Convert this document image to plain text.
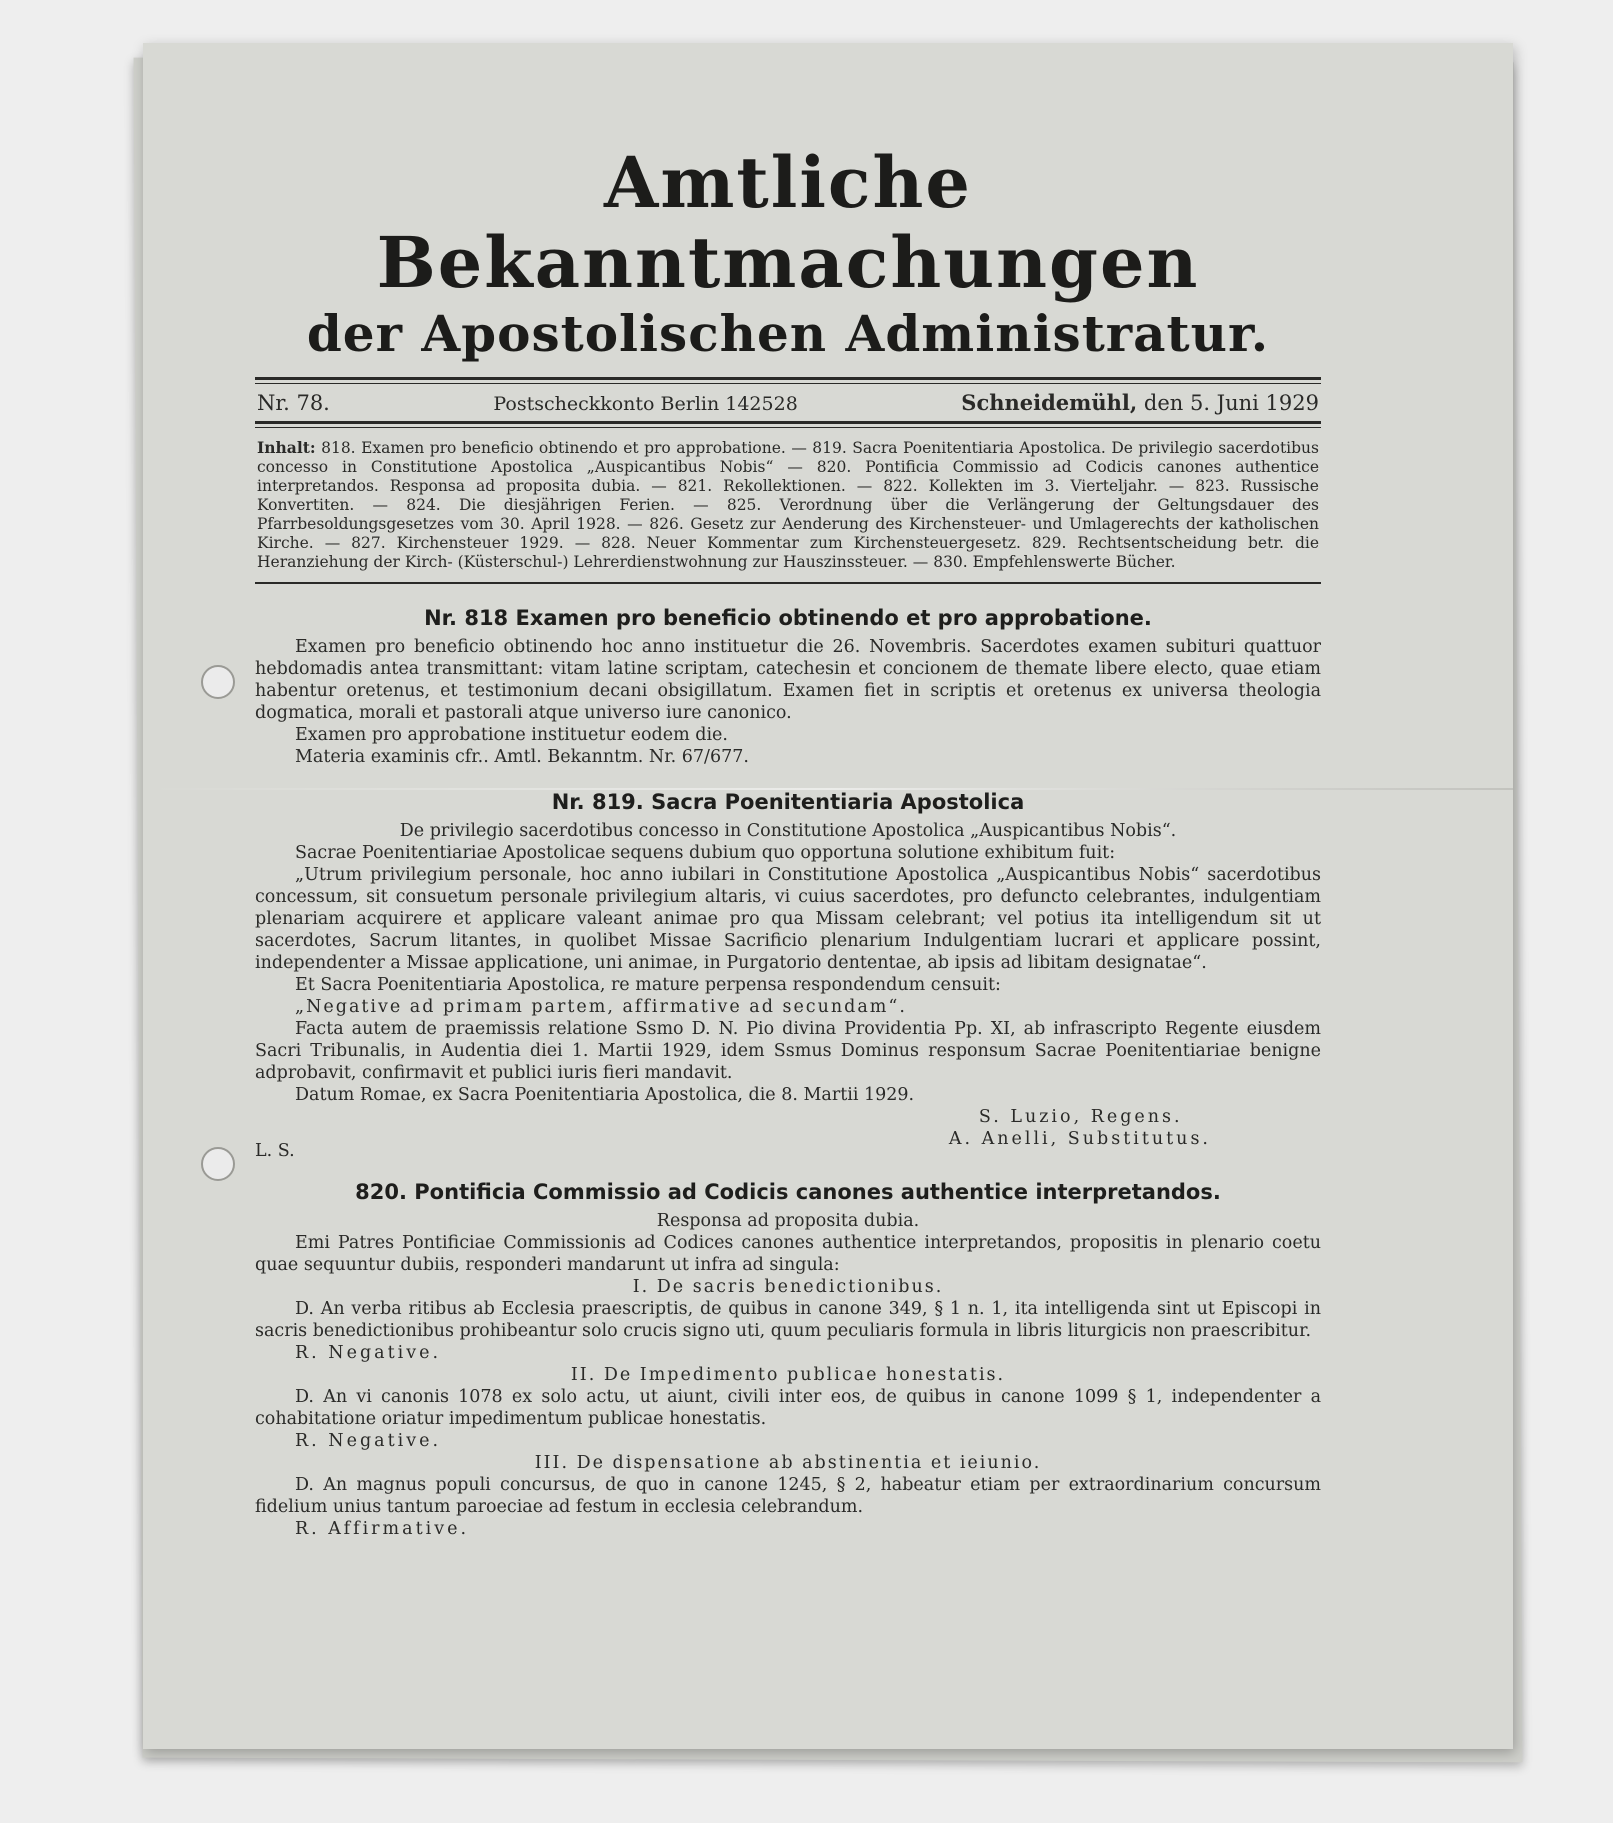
Amtliche Bekanntmachungen
der Apostolischen Administratur.
Nr. 78.	Postscheckkonto Berlin 142528	Schneidemühl, den 5. Juni 1929
Inhalt: 818. Examen pro beneficio obtinendo et pro approbatione. — 819. Sacra Poenitentiaria Apostolica. De privilegio sacerdotibus concesso in Constitutione Apostolica „Auspicantibus Nobis“ — 820. Pontificia Commissio ad Codicis canones authentice interpretandos. Responsa ad proposita dubia. — 821. Rekollektionen. — 822. Kollekten im 3. Vierteljahr. — 823. Russische Konvertiten. — 824. Die diesjährigen Ferien. — 825. Verordnung über die Verlängerung der Geltungsdauer des Pfarrbesoldungsgesetzes vom 30. April 1928. — 826. Gesetz zur Aenderung des Kirchensteuer- und Umlagerechts der katholischen Kirche. — 827. Kirchensteuer 1929. — 828. Neuer Kommentar zum Kirchensteuergesetz. 829. Rechtsentscheidung betr. die Heranziehung der Kirch- (Küsterschul-) Lehrerdienstwohnung zur Hauszinssteuer. — 830. Empfehlenswerte Bücher.
Nr. 818 Examen pro beneficio obtinendo et pro approbatione.

Examen pro beneficio obtinendo hoc anno instituetur die 26. Novembris. Sacerdotes examen subituri quattuor hebdomadis antea transmittant: vitam latine scriptam, catechesin et concionem de themate libere electo, quae etiam habentur oretenus, et testimonium decani obsigillatum. Examen fiet in scriptis et oretenus ex universa theologia dogmatica, morali et pastorali atque universo iure canonico.

Examen pro approbatione instituetur eodem die.

Materia examinis cfr.. Amtl. Bekanntm. Nr. 67/677.

Nr. 819. Sacra Poenitentiaria Apostolica

De privilegio sacerdotibus concesso in Constitutione Apostolica „Auspicantibus Nobis“.

Sacrae Poenitentiariae Apostolicae sequens dubium quo opportuna solutione exhibitum fuit:

„Utrum privilegium personale, hoc anno iubilari in Constitutione Apostolica „Auspicantibus Nobis“ sacerdotibus concessum, sit consuetum personale privilegium altaris, vi cuius sacerdotes, pro defuncto celebrantes, indulgentiam plenariam acquirere et applicare valeant animae pro qua Missam celebrant; vel potius ita intelligendum sit ut sacerdotes, Sacrum litantes, in quolibet Missae Sacrificio plenarium Indulgentiam lucrari et applicare possint, independenter a Missae applicatione, uni animae, in Purgatorio dententae, ab ipsis ad libitam designatae“.

Et Sacra Poenitentiaria Apostolica, re mature perpensa respondendum censuit:

„Negative ad primam partem, affirmative ad secundam“.

Facta autem de praemissis relatione Ssmo D. N. Pio divina Providentia Pp. XI, ab infrascripto Regente eiusdem Sacri Tribunalis, in Audentia diei 1. Martii 1929, idem Ssmus Dominus responsum Sacrae Poenitentiariae benigne adprobavit, confirmavit et publici iuris fieri mandavit.

Datum Romae, ex Sacra Poenitentiaria Apostolica, die 8. Martii 1929.

S. Luzio, Regens.
A. Anelli, Substitutus.
L. S.
820. Pontificia Commissio ad Codicis canones authentice interpretandos.

Responsa ad proposita dubia.

Emi Patres Pontificiae Commissionis ad Codices canones authentice interpretandos, propositis in plenario coetu quae sequuntur dubiis, responderi mandarunt ut infra ad singula:

I. De sacris benedictionibus.

D. An verba ritibus ab Ecclesia praescriptis, de quibus in canone 349, § 1 n. 1, ita intelligenda sint ut Episcopi in sacris benedictionibus prohibeantur solo crucis signo uti, quum peculiaris formula in libris liturgicis non praescribitur.

R. Negative.

II. De Impedimento publicae honestatis.

D. An vi canonis 1078 ex solo actu, ut aiunt, civili inter eos, de quibus in canone 1099 § 1, independenter a cohabitatione oriatur impedimentum publicae honestatis.

R. Negative.

III. De dispensatione ab abstinentia et ieiunio.

D. An magnus populi concursus, de quo in canone 1245, § 2, habeatur etiam per extraordinarium concursum fidelium unius tantum paroeciae ad festum in ecclesia celebrandum.

R. Affirmative.
